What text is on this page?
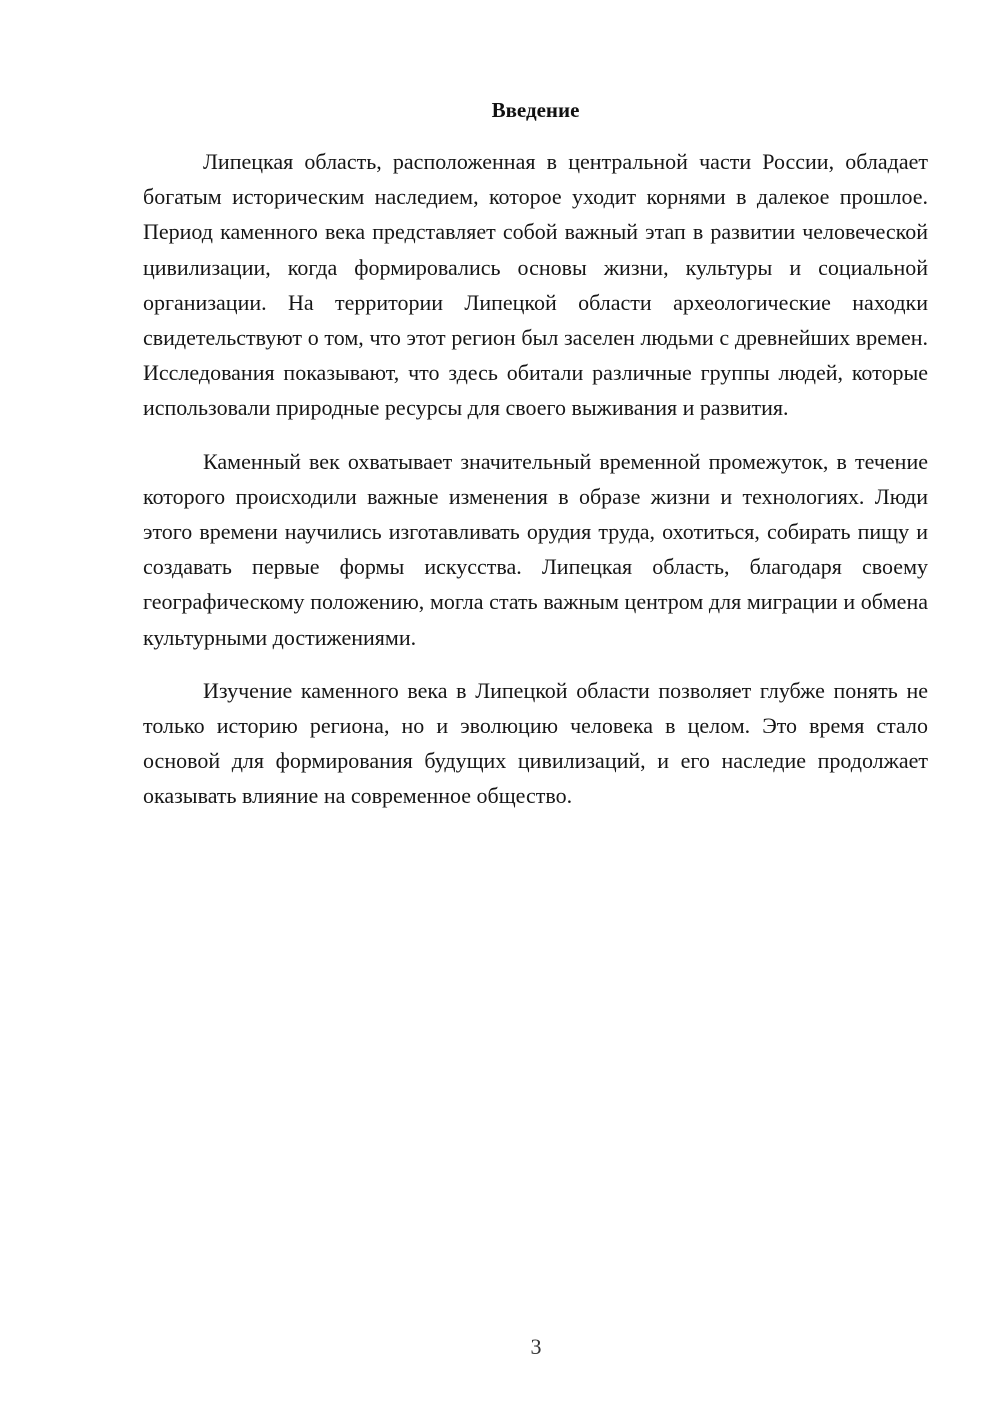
Введение

Липецкая область, расположенная в центральной части России, обладает богатым историческим наследием, которое уходит корнями в далекое прошлое. Период каменного века представляет собой важный этап в развитии человеческой цивилизации, когда формировались основы жизни, культуры и социальной организации. На территории Липецкой области археологические находки свидетельствуют о том, что этот регион был заселен людьми с древнейших времен. Исследования показывают, что здесь обитали различные группы людей, которые использовали природные ресурсы для своего выживания и развития.

Каменный век охватывает значительный временной промежуток, в течение которого происходили важные изменения в образе жизни и технологиях. Люди этого времени научились изготавливать орудия труда, охотиться, собирать пищу и создавать первые формы искусства. Липецкая область, благодаря своему географическому положению, могла стать важным центром для миграции и обмена культурными достижениями.

Изучение каменного века в Липецкой области позволяет глубже понять не только историю региона, но и эволюцию человека в целом. Это время стало основой для формирования будущих цивилизаций, и его наследие продолжает оказывать влияние на современное общество.

3
